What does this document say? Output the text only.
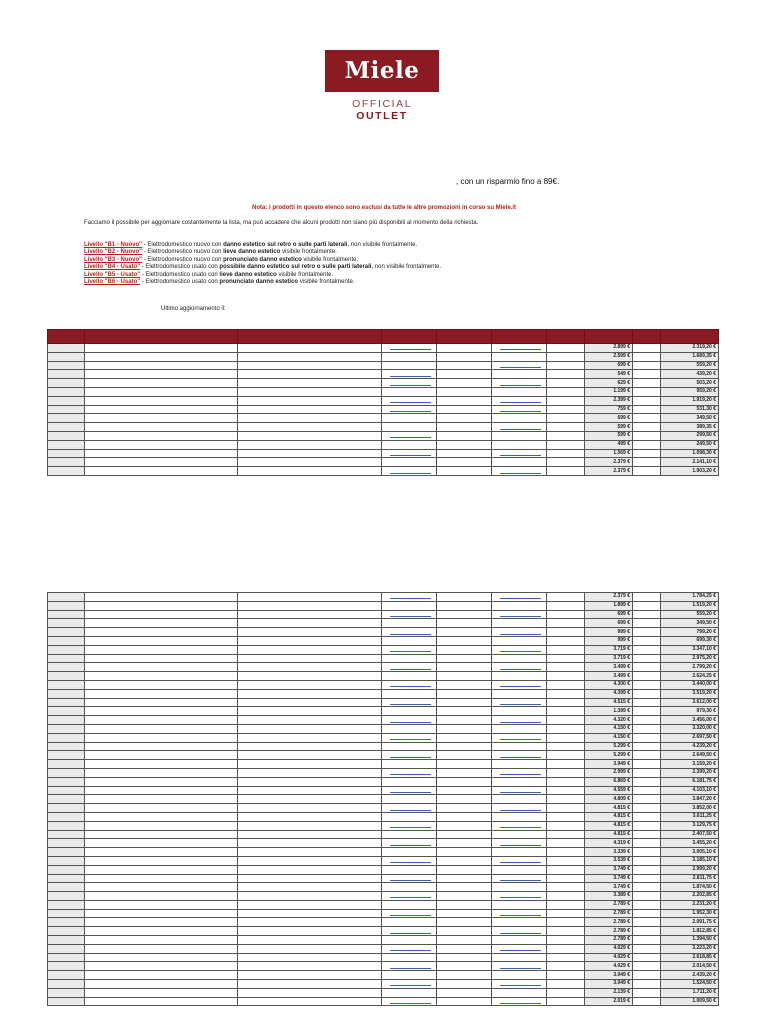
Miele
OFFICIAL OUTLET
, con un risparmio fino a 89€.
Nota: i prodotti in questo elenco sono esclusi da tutte le altre promozioni in corso su Miele.it
Facciamo il possibile per aggiornare costantemente la lista, ma può accadere che alcuni prodotti non siano più disponibili al momento della richiesta.
Livello "B1 - Nuovo" - Elettrodomestico nuovo con danno estetico sul retro o sulle parti laterali, non visibile frontalmente.
Livello "B2 - Nuovo" - Elettrodomestico nuovo con lieve danno estetico visibile frontalmente.
Livello "B3 - Nuovo" - Elettrodomestico nuovo con pronunciato danno estetico visibile frontalmente.
Livello "B4 - Usato" - Elettrodomestico usato con possibile danno estetico sul retro o sulle parti laterali, non visibile frontalmente.
Livello "B5 - Usato" - Elettrodomestico usato con lieve danno estetico visibile frontalmente.
Livello "B6 - Usato" - Elettrodomestico usato con pronunciato danno estetico visibile frontalmente.
Ultimo aggiornamento il:

		2.899 €		2.319,20 €
							2.599 €		1.689,35 €

		699 €		559,20 €

				549 €		439,20 €

		629 €		503,20 €
							1.199 €		959,20 €

		2.399 €		1.919,20 €

		759 €		531,30 €
							699 €		349,50 €

		599 €		389,35 €

				599 €		299,50 €
							499 €		249,50 €

		1.569 €		1.098,30 €
							2.379 €		2.141,10 €

		2.379 €		1.903,20 €

		2.379 €		1.784,25 €
							1.899 €		1.519,20 €

		699 €		559,20 €
							699 €		349,50 €

		999 €		799,20 €
							999 €		699,30 €

		3.719 €		3.347,10 €
							3.719 €		2.975,20 €

		3.499 €		2.799,20 €
							3.499 €		2.624,25 €

		4.300 €		3.440,00 €
							4.399 €		3.519,20 €

		4.515 €		3.612,00 €
							1.399 €		979,30 €

		4.320 €		3.456,00 €
							4.150 €		3.320,00 €

		4.150 €		2.697,50 €
							5.299 €		4.239,20 €

		5.299 €		2.649,50 €
							3.949 €		3.159,20 €

		2.999 €		2.399,20 €
							6.869 €		6.181,75 €

		4.559 €		4.103,10 €
							4.809 €		3.847,20 €

		4.815 €		3.852,00 €
							4.815 €		3.611,25 €

		4.815 €		3.129,75 €
							4.815 €		2.407,50 €

		4.319 €		3.455,20 €
							3.339 €		3.005,10 €

		3.539 €		3.185,10 €
							3.749 €		2.999,20 €

		3.749 €		2.811,75 €
							3.749 €		1.874,50 €

		3.389 €		2.202,85 €
							2.789 €		2.231,20 €

		2.789 €		1.952,30 €
							2.789 €		2.091,75 €

		2.789 €		1.812,85 €
							2.789 €		1.394,50 €

		4.029 €		3.223,20 €
							4.029 €		2.618,85 €

		4.029 €		2.014,50 €
							3.049 €		2.439,20 €

		3.049 €		1.524,50 €
							2.139 €		1.711,20 €

		2.019 €		1.009,50 €
